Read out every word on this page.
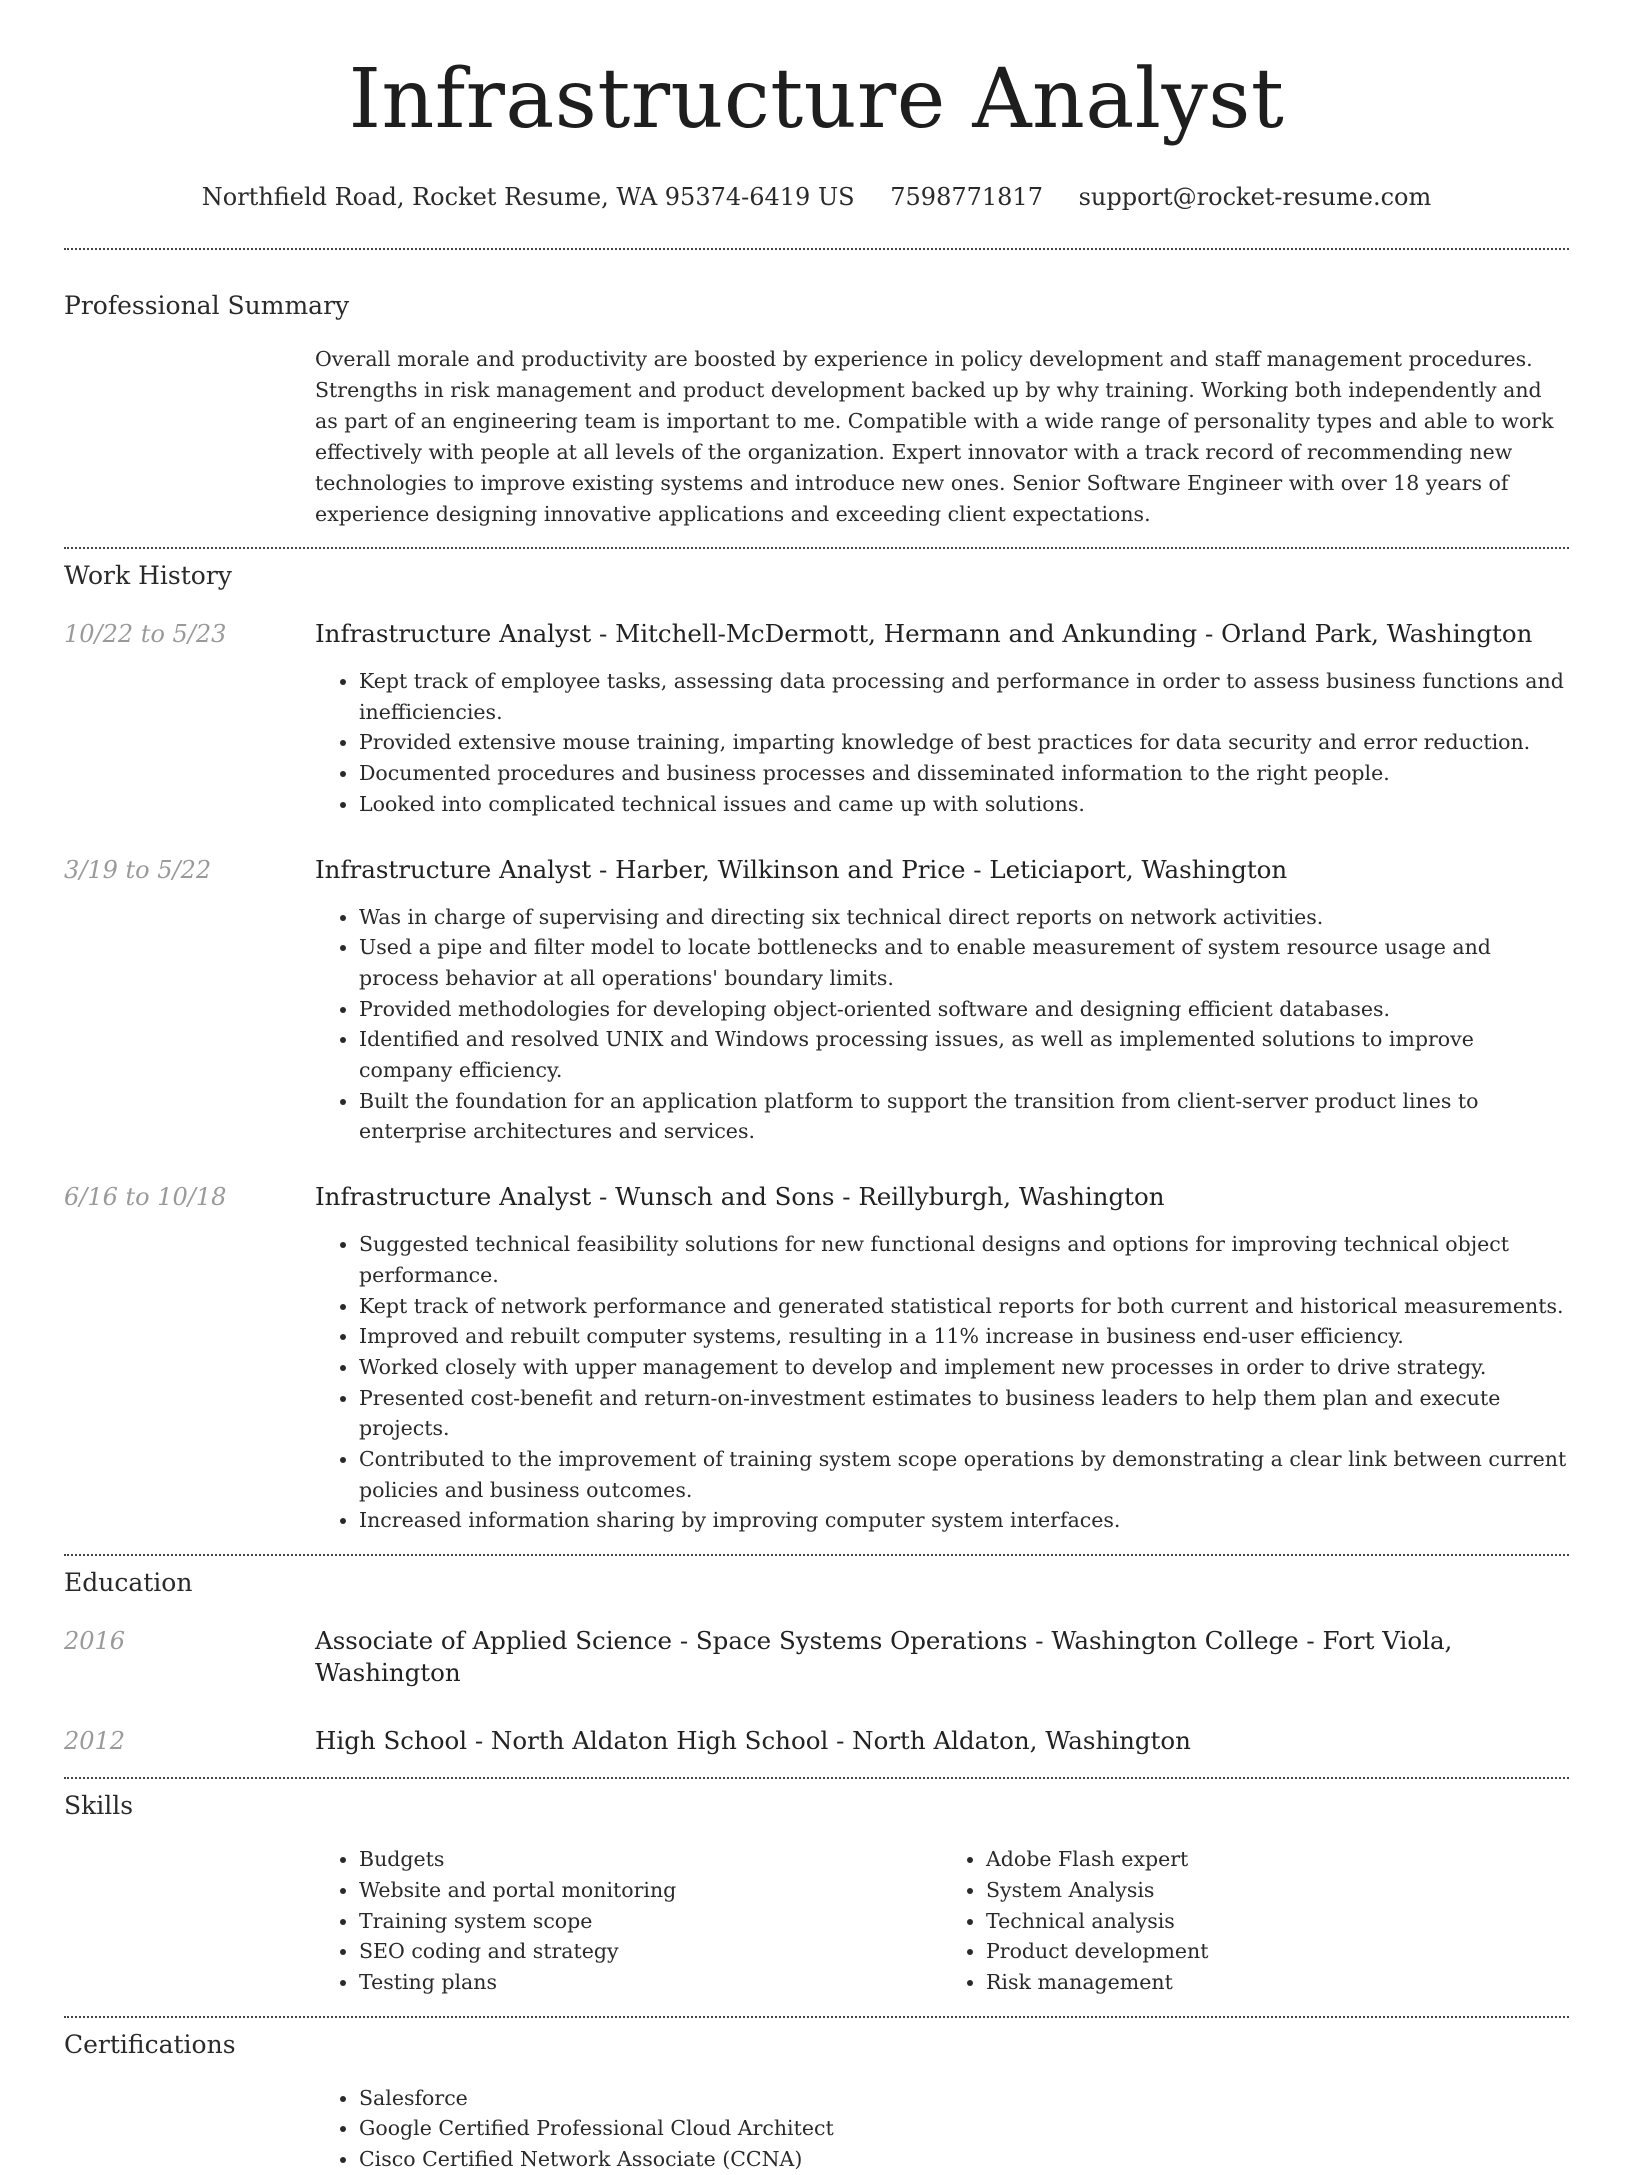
Infrastructure Analyst
Northfield Road, Rocket Resume, WA 95374-6419 US 7598771817 support@rocket-resume.com
Professional Summary
Overall morale and productivity are boosted by experience in policy development and staff management procedures. Strengths in risk management and product development backed up by why training. Working both independently and as part of an engineering team is important to me. Compatible with a wide range of personality types and able to work effectively with people at all levels of the organization. Expert innovator with a track record of recommending new technologies to improve existing systems and introduce new ones. Senior Software Engineer with over 18 years of experience designing innovative applications and exceeding client expectations.
Work History
10/22 to 5/23	Infrastructure Analyst - Mitchell-McDermott, Hermann and Ankunding - Orland Park, Washington
• Kept track of employee tasks, assessing data processing and performance in order to assess business functions and inefficiencies.
• Provided extensive mouse training, imparting knowledge of best practices for data security and error reduction.
• Documented procedures and business processes and disseminated information to the right people.
• Looked into complicated technical issues and came up with solutions.
3/19 to 5/22	Infrastructure Analyst - Harber, Wilkinson and Price - Leticiaport, Washington
• Was in charge of supervising and directing six technical direct reports on network activities.
• Used a pipe and filter model to locate bottlenecks and to enable measurement of system resource usage and process behavior at all operations' boundary limits.
• Provided methodologies for developing object-oriented software and designing efficient databases.
• Identified and resolved UNIX and Windows processing issues, as well as implemented solutions to improve company efficiency.
• Built the foundation for an application platform to support the transition from client-server product lines to enterprise architectures and services.
6/16 to 10/18	Infrastructure Analyst - Wunsch and Sons - Reillyburgh, Washington
• Suggested technical feasibility solutions for new functional designs and options for improving technical object performance.
• Kept track of network performance and generated statistical reports for both current and historical measurements.
• Improved and rebuilt computer systems, resulting in a 11% increase in business end-user efficiency.
• Worked closely with upper management to develop and implement new processes in order to drive strategy.
• Presented cost-benefit and return-on-investment estimates to business leaders to help them plan and execute projects.
• Contributed to the improvement of training system scope operations by demonstrating a clear link between current policies and business outcomes.
• Increased information sharing by improving computer system interfaces.
Education
2016	Associate of Applied Science - Space Systems Operations - Washington College - Fort Viola, Washington
2012	High School - North Aldaton High School - North Aldaton, Washington
Skills
• Budgets
• Website and portal monitoring
• Training system scope
• SEO coding and strategy
• Testing plans
• Adobe Flash expert
• System Analysis
• Technical analysis
• Product development
• Risk management
Certifications
• Salesforce
• Google Certified Professional Cloud Architect
• Cisco Certified Network Associate (CCNA)
